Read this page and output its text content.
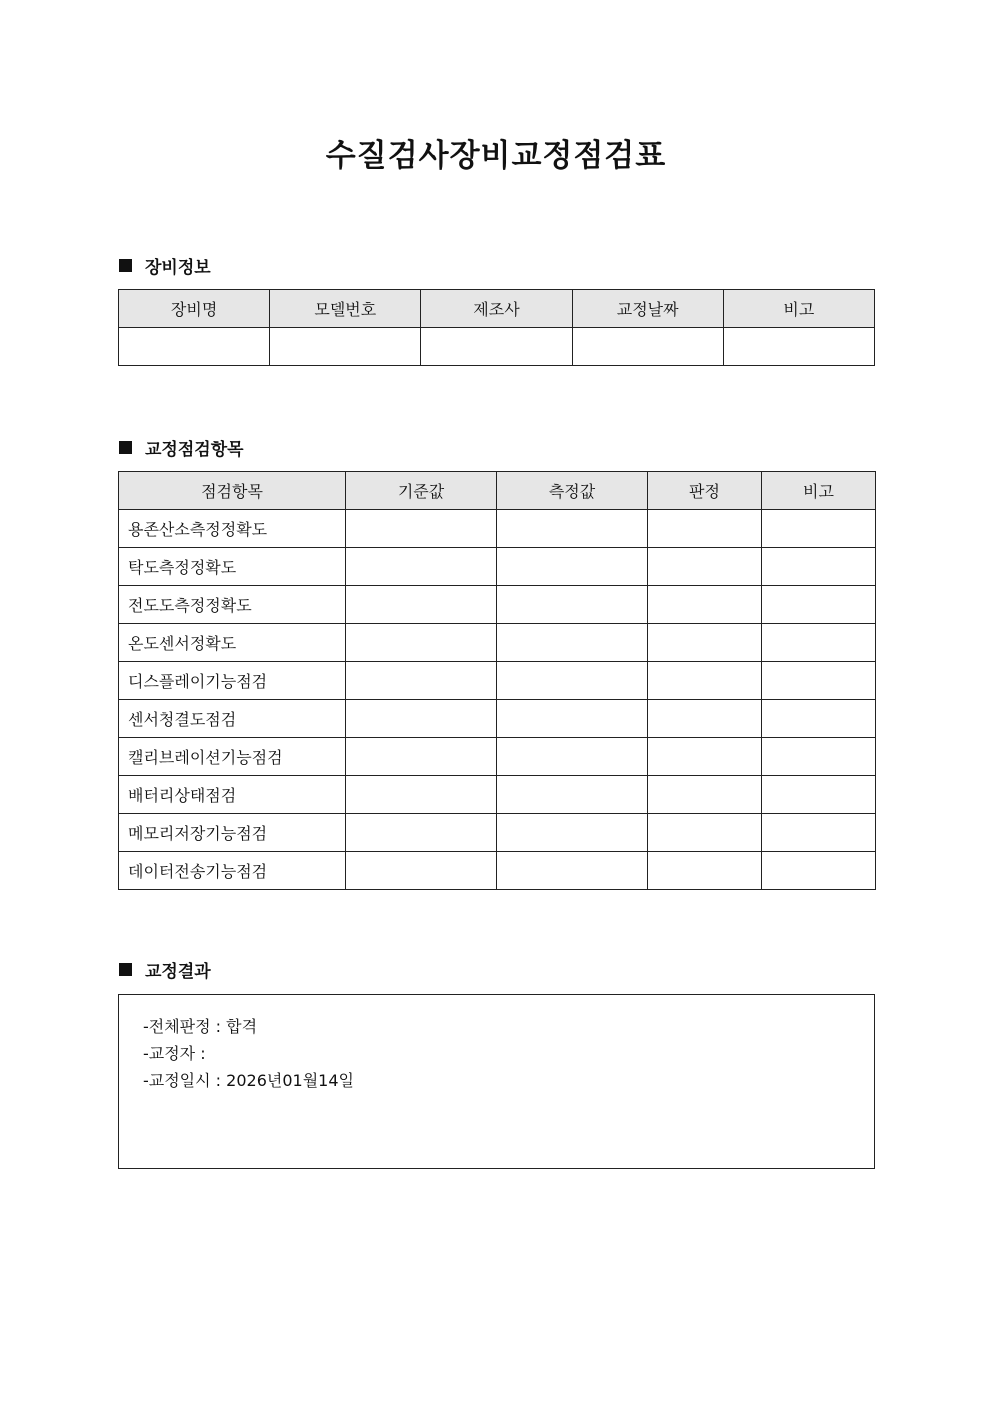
수질검사장비교정점검표
장비정보
장비명	모델번호	제조사	교정날짜	비고

교정점검항목
점검항목	기준값	측정값	판정	비고
용존산소측정정확도				
탁도측정정확도				
전도도측정정확도				
온도센서정확도				
디스플레이기능점검				
센서청결도점검				
캘리브레이션기능점검				
배터리상태점검				
메모리저장기능점검				
데이터전송기능점검				
교정결과
-전체판정 : 합격
-교정자 :
-교정일시 : 2026년01월14일
